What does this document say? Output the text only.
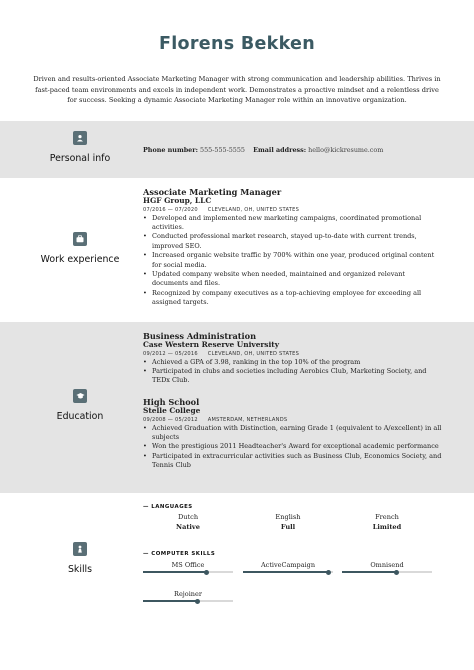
Florens Bekken
Driven and results-oriented Associate Marketing Manager with strong communication and leadership abilities. Thrives in fast-paced team environments and excels in independent work. Demonstrates a proactive mindset and a relentless drive for success. Seeking a dynamic Associate Marketing Manager role within an innovative organization.
Personal info
Phone number: 555-555-5555 Email address: hello@kickresume.com
Work experience
Associate Marketing Manager
HGF Group, LLC
07/2016 — 07/2020 CLEVELAND, OH, UNITED STATES
• Developed and implemented new marketing campaigns, coordinated promotional activities.
• Conducted professional market research, stayed up-to-date with current trends, improved SEO.
• Increased organic website traffic by 700% within one year, produced original content for social media.
• Updated company website when needed, maintained and organized relevant documents and files.
• Recognized by company executives as a top-achieving employee for exceeding all assigned targets.
Education
Business Administration
Case Western Reserve University
09/2012 — 05/2016 CLEVELAND, OH, UNITED STATES
• Achieved a GPA of 3.98, ranking in the top 10% of the program
• Participated in clubs and societies including Aerobics Club, Marketing Society, and TEDx Club.
High School
Stelle College
09/2008 — 05/2012 AMSTERDAM, NETHERLANDS
• Achieved Graduation with Distinction, earning Grade 1 (equivalent to A/excellent) in all subjects
• Won the prestigious 2011 Headteacher's Award for exceptional academic performance
• Participated in extracurricular activities such as Business Club, Economics Society, and Tennis Club
Skills
— LANGUAGES
Dutch
Native
English
Full
French
Limited
— COMPUTER SKILLS
MS Office	ActiveCampaign	Omnisend
Rejoiner
